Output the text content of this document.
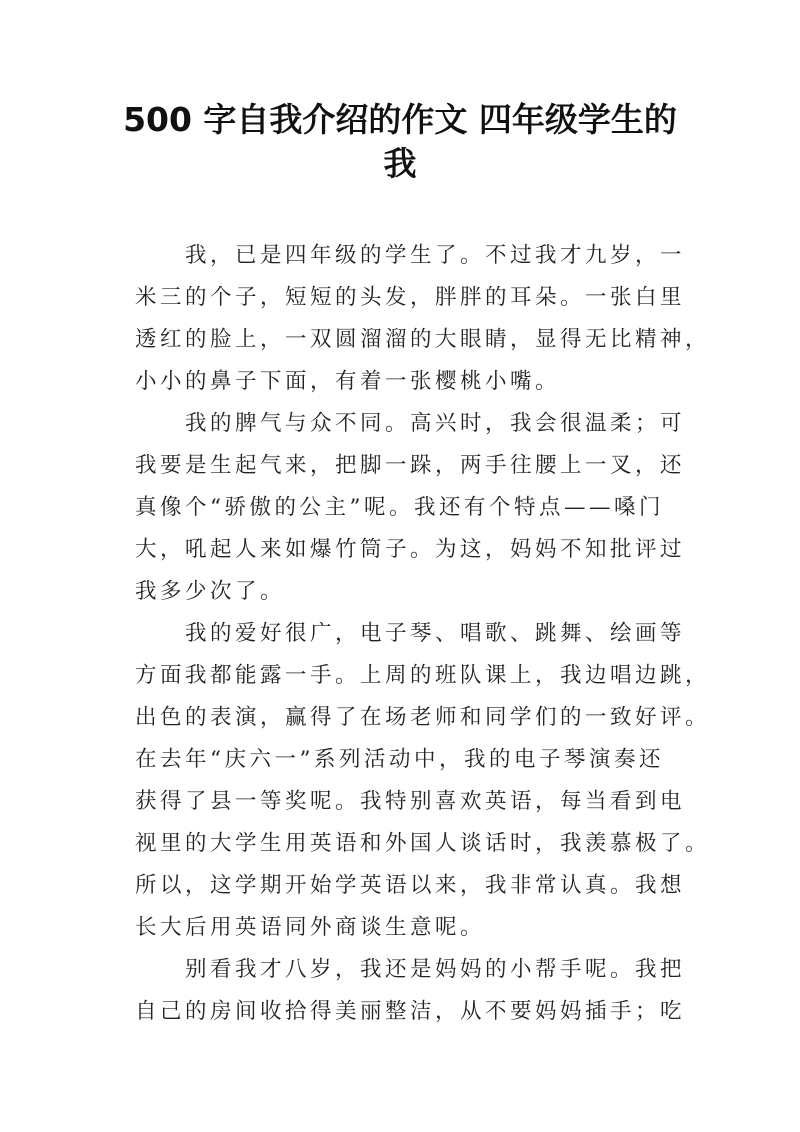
500 字自我介绍的作文 四年级学生的
我
我，已是四年级的学生了。不过我才九岁，一
米三的个子，短短的头发，胖胖的耳朵。一张白里
透红的脸上，一双圆溜溜的大眼睛，显得无比精神，
小小的鼻子下面，有着一张樱桃小嘴。
我的脾气与众不同。高兴时，我会很温柔；可
我要是生起气来，把脚一跺，两手往腰上一叉，还
真像个“骄傲的公主”呢。我还有个特点——嗓门
大，吼起人来如爆竹筒子。为这，妈妈不知批评过
我多少次了。
我的爱好很广，电子琴、唱歌、跳舞、绘画等
方面我都能露一手。上周的班队课上，我边唱边跳，
出色的表演，赢得了在场老师和同学们的一致好评。
在去年“庆六一”系列活动中，我的电子琴演奏还
获得了县一等奖呢。我特别喜欢英语，每当看到电
视里的大学生用英语和外国人谈话时，我羡慕极了。
所以，这学期开始学英语以来，我非常认真。我想
长大后用英语同外商谈生意呢。
别看我才八岁，我还是妈妈的小帮手呢。我把
自己的房间收拾得美丽整洁，从不要妈妈插手；吃
